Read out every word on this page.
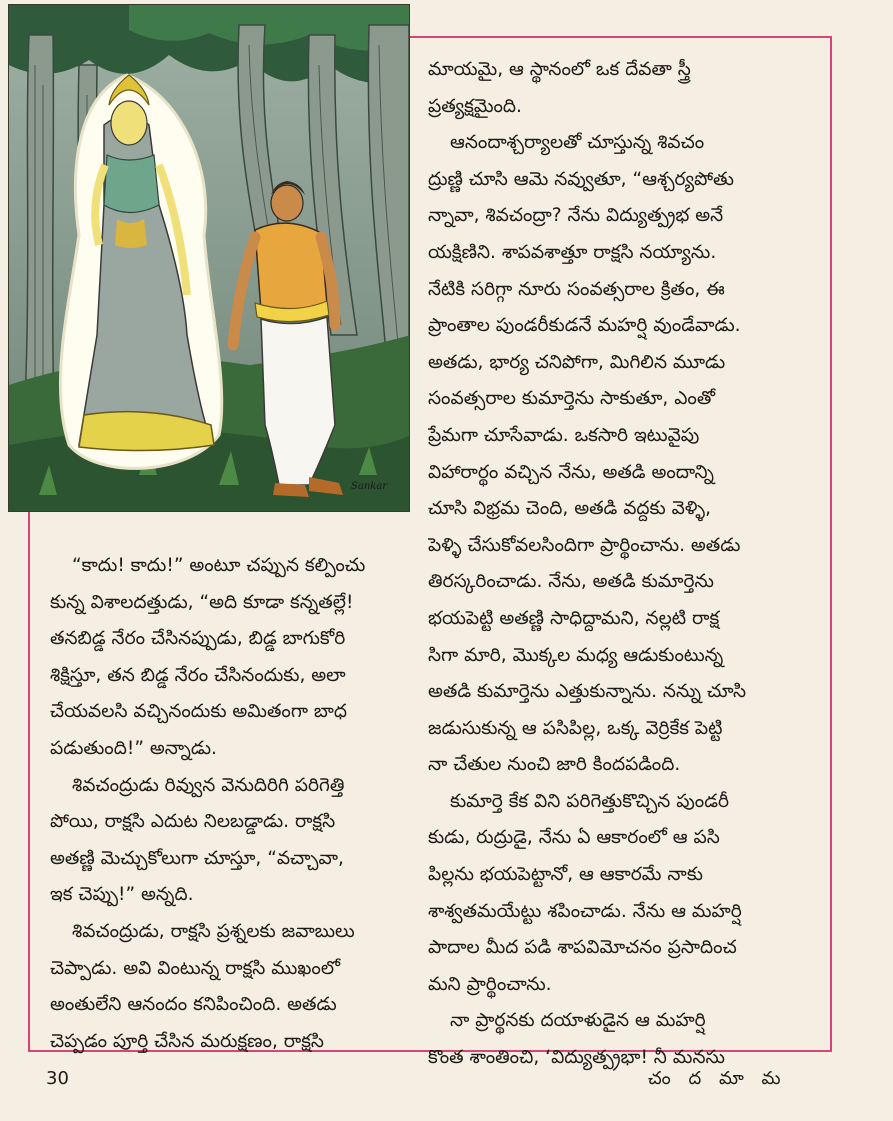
Sankar
మాయమై, ఆ స్థానంలో ఒక దేవతా స్త్రీ
ప్రత్యక్షమైంది.
ఆనందాశ్చర్యాలతో చూస్తున్న శివచం
ద్రుణ్ణి చూసి ఆమె నవ్వుతూ, “ఆశ్చర్యపోతు
న్నావా, శివచంద్రా? నేను విద్యుత్ప్రభ అనే
యక్షిణిని. శాపవశాత్తూ రాక్షసి నయ్యాను.
నేటికి సరిగ్గా నూరు సంవత్సరాల క్రితం, ఈ
ప్రాంతాల పుండరీకుడనే మహర్షి వుండేవాడు.
అతడు, భార్య చనిపోగా, మిగిలిన మూడు
సంవత్సరాల కుమార్తెను సాకుతూ, ఎంతో
ప్రేమగా చూసేవాడు. ఒకసారి ఇటువైపు
విహారార్థం వచ్చిన నేను, అతడి అందాన్ని
చూసి విభ్రమ చెంది, అతడి వద్దకు వెళ్ళి,
పెళ్ళి చేసుకోవలసిందిగా ప్రార్థించాను. అతడు
తిరస్కరించాడు. నేను, అతడి కుమార్తెను
భయపెట్టి అతణ్ణి సాధిద్దామని, నల్లటి రాక్ష
సిగా మారి, మొక్కల మధ్య ఆడుకుంటున్న
అతడి కుమార్తెను ఎత్తుకున్నాను. నన్ను చూసి
జడుసుకున్న ఆ పసిపిల్ల, ఒక్క వెర్రికేక పెట్టి
నా చేతుల నుంచి జారి కిందపడింది.
కుమార్తె కేక విని పరిగెత్తుకొచ్చిన పుండరీ
కుడు, రుద్రుడై, నేను ఏ ఆకారంలో ఆ పసి
పిల్లను భయపెట్టానో, ఆ ఆకారమే నాకు
శాశ్వతమయేట్టు శపించాడు. నేను ఆ మహర్షి
పాదాల మీద పడి శాపవిమోచనం ప్రసాదించ
మని ప్రార్థించాను.
నా ప్రార్థనకు దయాళుడైన ఆ మహర్షి
కొంత శాంతించి, ‘విద్యుత్ప్రభా! నీ మనసు
“కాదు! కాదు!” అంటూ చప్పున కల్పించు
కున్న విశాలదత్తుడు, “అది కూడా కన్నతల్లే!
తనబిడ్డ నేరం చేసినప్పుడు, బిడ్డ బాగుకోరి
శిక్షిస్తూ, తన బిడ్డ నేరం చేసినందుకు, అలా
చేయవలసి వచ్చినందుకు అమితంగా బాధ
పడుతుంది!” అన్నాడు.
శివచంద్రుడు రివ్వున వెనుదిరిగి పరిగెత్తి
పోయి, రాక్షసి ఎదుట నిలబడ్డాడు. రాక్షసి
అతణ్ణి మెచ్చుకోలుగా చూస్తూ, “వచ్చావా,
ఇక చెప్పు!” అన్నది.
శివచంద్రుడు, రాక్షసి ప్రశ్నలకు జవాబులు
చెప్పాడు. అవి వింటున్న రాక్షసి ముఖంలో
అంతులేని ఆనందం కనిపించింది. అతడు
చెప్పడం పూర్తి చేసిన మరుక్షణం, రాక్షసి
30	చం ద మా మ
